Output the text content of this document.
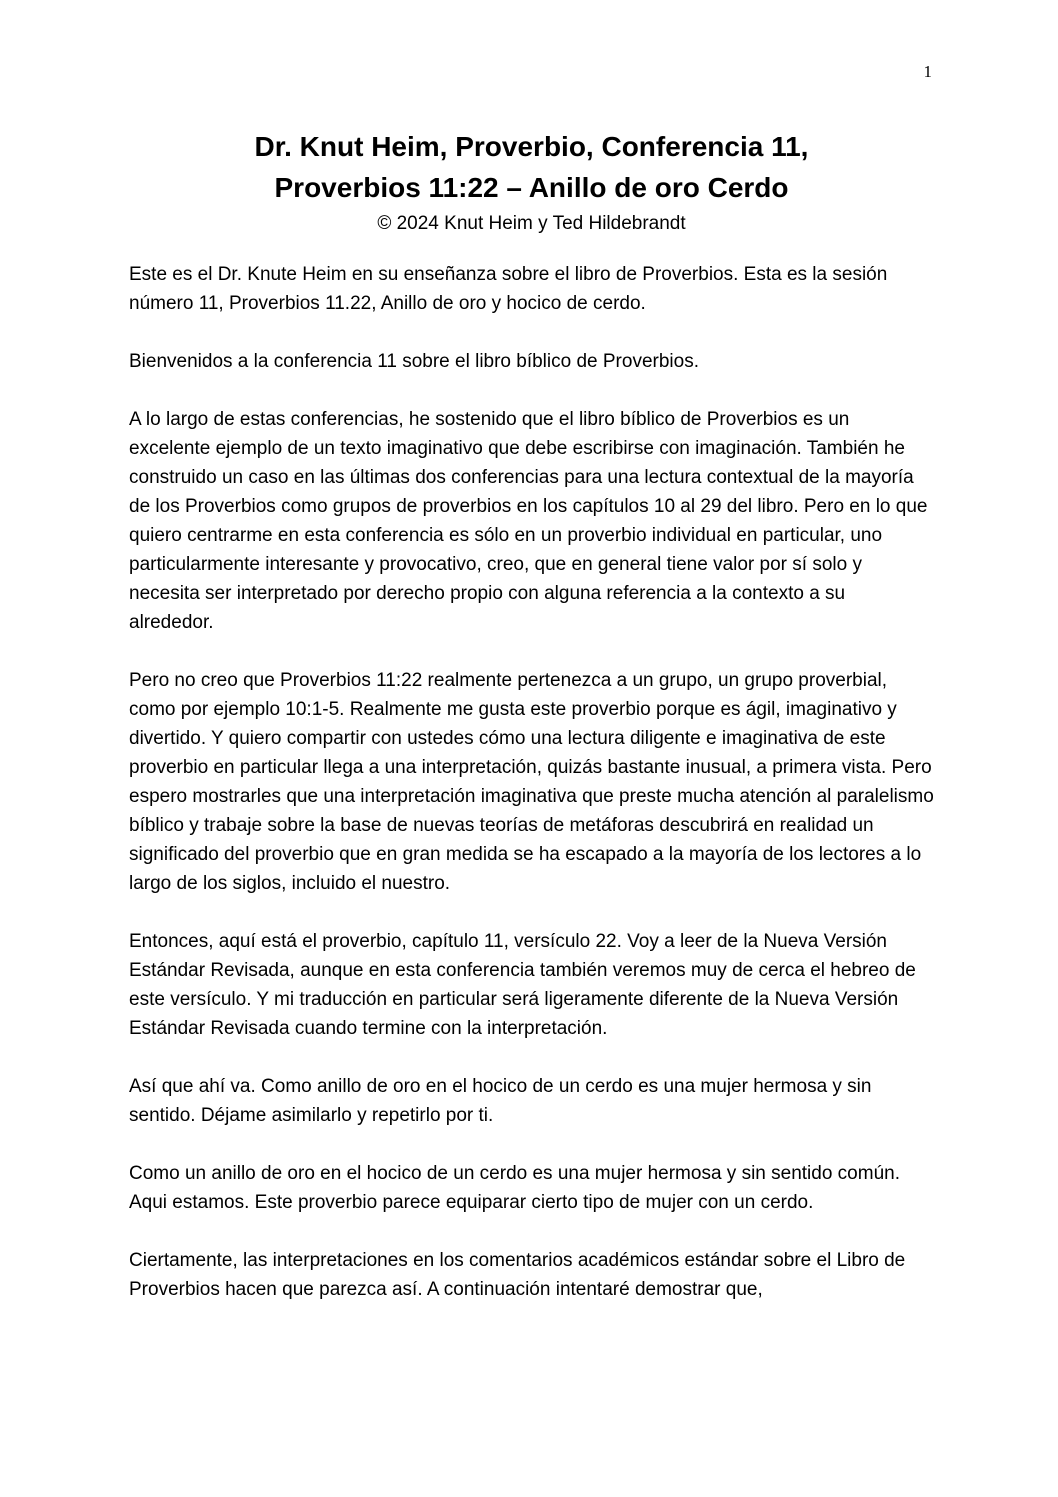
1
Dr. Knut Heim, Proverbio, Conferencia 11,
Proverbios 11:22 – Anillo de oro Cerdo
© 2024 Knut Heim y Ted Hildebrandt

Este es el Dr. Knute Heim en su enseñanza sobre el libro de Proverbios. Esta es la sesión número 11, Proverbios 11.22, Anillo de oro y hocico de cerdo.

Bienvenidos a la conferencia 11 sobre el libro bíblico de Proverbios.

A lo largo de estas conferencias, he sostenido que el libro bíblico de Proverbios es un excelente ejemplo de un texto imaginativo que debe escribirse con imaginación. También he construido un caso en las últimas dos conferencias para una lectura contextual de la mayoría de los Proverbios como grupos de proverbios en los capítulos 10 al 29 del libro. Pero en lo que quiero centrarme en esta conferencia es sólo en un proverbio individual en particular, uno particularmente interesante y provocativo, creo, que en general tiene valor por sí solo y necesita ser interpretado por derecho propio con alguna referencia a la contexto a su alrededor.

Pero no creo que Proverbios 11:22 realmente pertenezca a un grupo, un grupo proverbial, como por ejemplo 10:1-5. Realmente me gusta este proverbio porque es ágil, imaginativo y divertido. Y quiero compartir con ustedes cómo una lectura diligente e imaginativa de este proverbio en particular llega a una interpretación, quizás bastante inusual, a primera vista. Pero espero mostrarles que una interpretación imaginativa que preste mucha atención al paralelismo bíblico y trabaje sobre la base de nuevas teorías de metáforas descubrirá en realidad un significado del proverbio que en gran medida se ha escapado a la mayoría de los lectores a lo largo de los siglos, incluido el nuestro.

Entonces, aquí está el proverbio, capítulo 11, versículo 22. Voy a leer de la Nueva Versión Estándar Revisada, aunque en esta conferencia también veremos muy de cerca el hebreo de este versículo. Y mi traducción en particular será ligeramente diferente de la Nueva Versión Estándar Revisada cuando termine con la interpretación.

Así que ahí va. Como anillo de oro en el hocico de un cerdo es una mujer hermosa y sin sentido. Déjame asimilarlo y repetirlo por ti.

Como un anillo de oro en el hocico de un cerdo es una mujer hermosa y sin sentido común. Aqui estamos. Este proverbio parece equiparar cierto tipo de mujer con un cerdo.

Ciertamente, las interpretaciones en los comentarios académicos estándar sobre el Libro de Proverbios hacen que parezca así. A continuación intentaré demostrar que,
